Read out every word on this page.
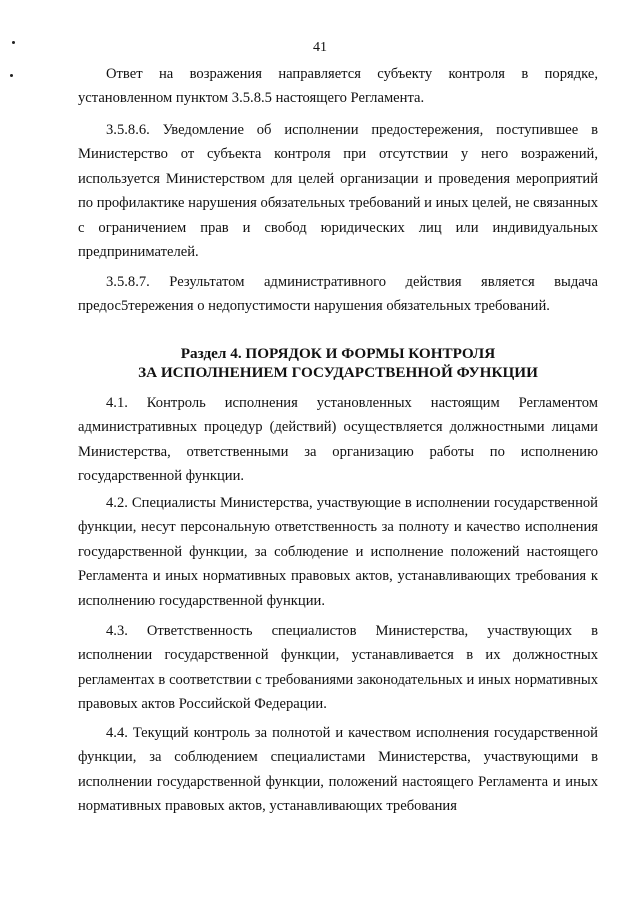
41

Ответ на возражения направляется субъекту контроля в порядке, установленном пунктом 3.5.8.5 настоящего Регламента.

3.5.8.6. Уведомление об исполнении предостережения, поступившее в Министерство от субъекта контроля при отсутствии у него возражений, используется Министерством для целей организации и проведения мероприятий по профилактике нарушения обязательных требований и иных целей, не связанных с ограничением прав и свобод юридических лиц или индивидуальных предпринимателей.

3.5.8.7. Результатом административного действия является выдача предос5тережения о недопустимости нарушения обязательных требований.

Раздел 4. ПОРЯДОК И ФОРМЫ КОНТРОЛЯ
ЗА ИСПОЛНЕНИЕМ ГОСУДАРСТВЕННОЙ ФУНКЦИИ

4.1. Контроль исполнения установленных настоящим Регламентом административных процедур (действий) осуществляется должностными лицами Министерства, ответственными за организацию работы по исполнению государственной функции.

4.2. Специалисты Министерства, участвующие в исполнении государственной функции, несут персональную ответственность за полноту и качество исполнения государственной функции, за соблюдение и исполнение положений настоящего Регламента и иных нормативных правовых актов, устанавливающих требования к исполнению государственной функции.

4.3. Ответственность специалистов Министерства, участвующих в исполнении государственной функции, устанавливается в их должностных регламентах в соответствии с требованиями законодательных и иных нормативных правовых актов Российской Федерации.

4.4. Текущий контроль за полнотой и качеством исполнения государственной функции, за соблюдением специалистами Министерства, участвующими в исполнении государственной функции, положений настоящего Регламента и иных нормативных правовых актов, устанавливающих требования
